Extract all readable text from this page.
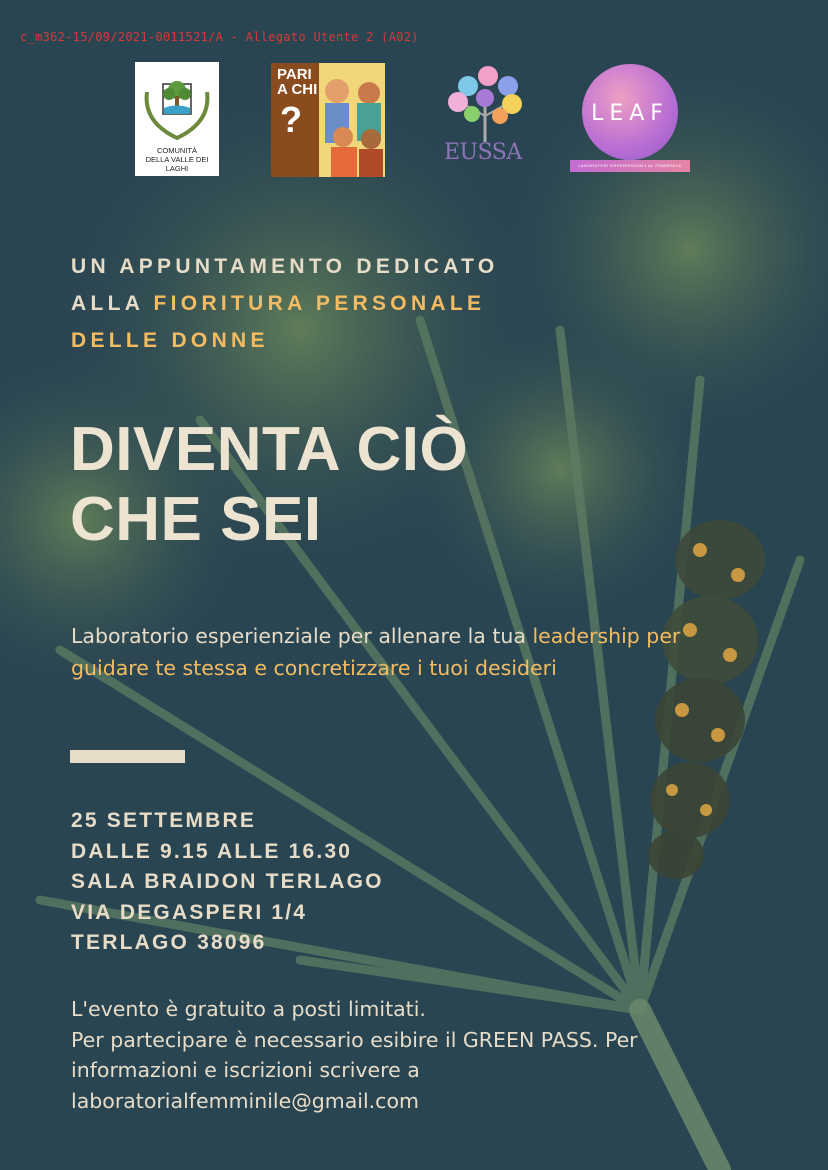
c_m362-15/09/2021-0011521/A - Allegato Utente 2 (A02)
COMUNITÀ
DELLA VALLE DEI LAGHI
PARI
A CHI
?
EUSSA
LEAF
LABORATORI ESPERIENZIALI AL FEMMINILE

UN APPUNTAMENTO DEDICATO
ALLA FIORITURA PERSONALE
DELLE DONNE

DIVENTA CIÒ
CHE SEI

Laboratorio esperienziale per allenare la tua leadership per guidare te stessa e concretizzare i tuoi desideri

25 SETTEMBRE
DALLE 9.15 ALLE 16.30
SALA BRAIDON TERLAGO
VIA DEGASPERI 1/4
TERLAGO 38096

L'evento è gratuito a posti limitati.
Per partecipare è necessario esibire il GREEN PASS. Per informazioni e iscrizioni scrivere a
laboratorialfemminile@gmail.com
